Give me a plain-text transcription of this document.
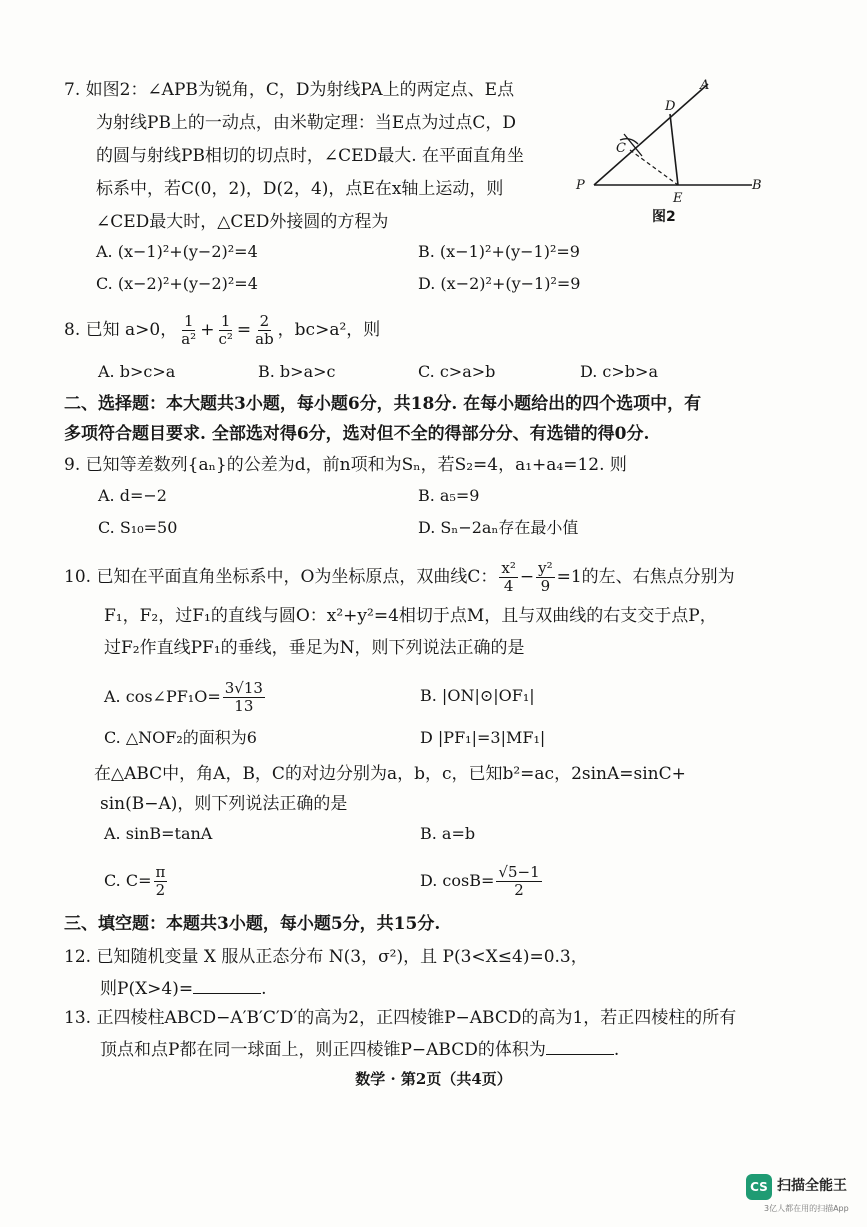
7. 如图2：∠APB为锐角，C，D为射线PA上的两定点、E点
为射线PB上的一动点，由米勒定理：当E点为过点C，D
的圆与射线PB相切的切点时，∠CED最大. 在平面直角坐
标系中，若C(0，2)，D(2，4)，点E在x轴上运动，则
∠CED最大时，△CED外接圆的方程为
A. (x−1)²+(y−2)²=4	B. (x−1)²+(y−1)²=9
C. (x−2)²+(y−2)²=4	D. (x−2)²+(y−1)²=9
A
D
C
P	B
E
图2
8. 已知 a>0， $\frac{1}{\text{a²}} + \frac{1}{\text{c²}} = \frac{2}{ab}$ ，bc>a²，则
A. b>c>a	B. b>a>c	C. c>a>b	D. c>b>a
二、选择题：本大题共3小题，每小题6分，共18分. 在每小题给出的四个选项中，有
多项符合题目要求. 全部选对得6分，选对但不全的得部分分、有选错的得0分.
9. 已知等差数列{aₙ}的公差为d，前n项和为Sₙ，若S₂=4，a₁+a₄=12. 则
A. d=−2	B. a₅=9
C. S₁₀=50	D. Sₙ−2aₙ存在最小值
10. 已知在平面直角坐标系中，O为坐标原点，双曲线C： $\frac{\text{x²}}{4} - \frac{\text{y²}}{9} =1$的左、右焦点分别为
F₁，F₂，过F₁的直线与圆O：x²+y²=4相切于点M，且与双曲线的右支交于点P，
过F₂作直线PF₁的垂线，垂足为N，则下列说法正确的是
A. cos∠PF₁O= $\frac{3√13}{13}$	B. |ON|⊙|OF₁|
C. △NOF₂的面积为6	D |PF₁|=3|MF₁|
在△ABC中，角A，B，C的对边分别为a，b，c，已知b²=ac，2sinA=sinC+
sin(B−A)，则下列说法正确的是
A. sinB=tanA	B. a=b
C. $C= \frac{\pi}{2}$	D. $\cos B= \frac{√5-1}{2}$
三、填空题：本题共3小题，每小题5分，共15分.
12. 已知随机变量 X 服从正态分布 N(3，σ²)，且 P(3<X≤4)=0.3，
则P(X>4)=	.
13. 正四棱柱ABCD−A′B′C′D′的高为2，正四棱锥P−ABCD的高为1，若正四棱柱的所有
顶点和点P都在同一球面上，则正四棱锥P−ABCD的体积为	.
数学 · 第2页（共4页）
CS 扫描全能王
3亿人都在用的扫描App
